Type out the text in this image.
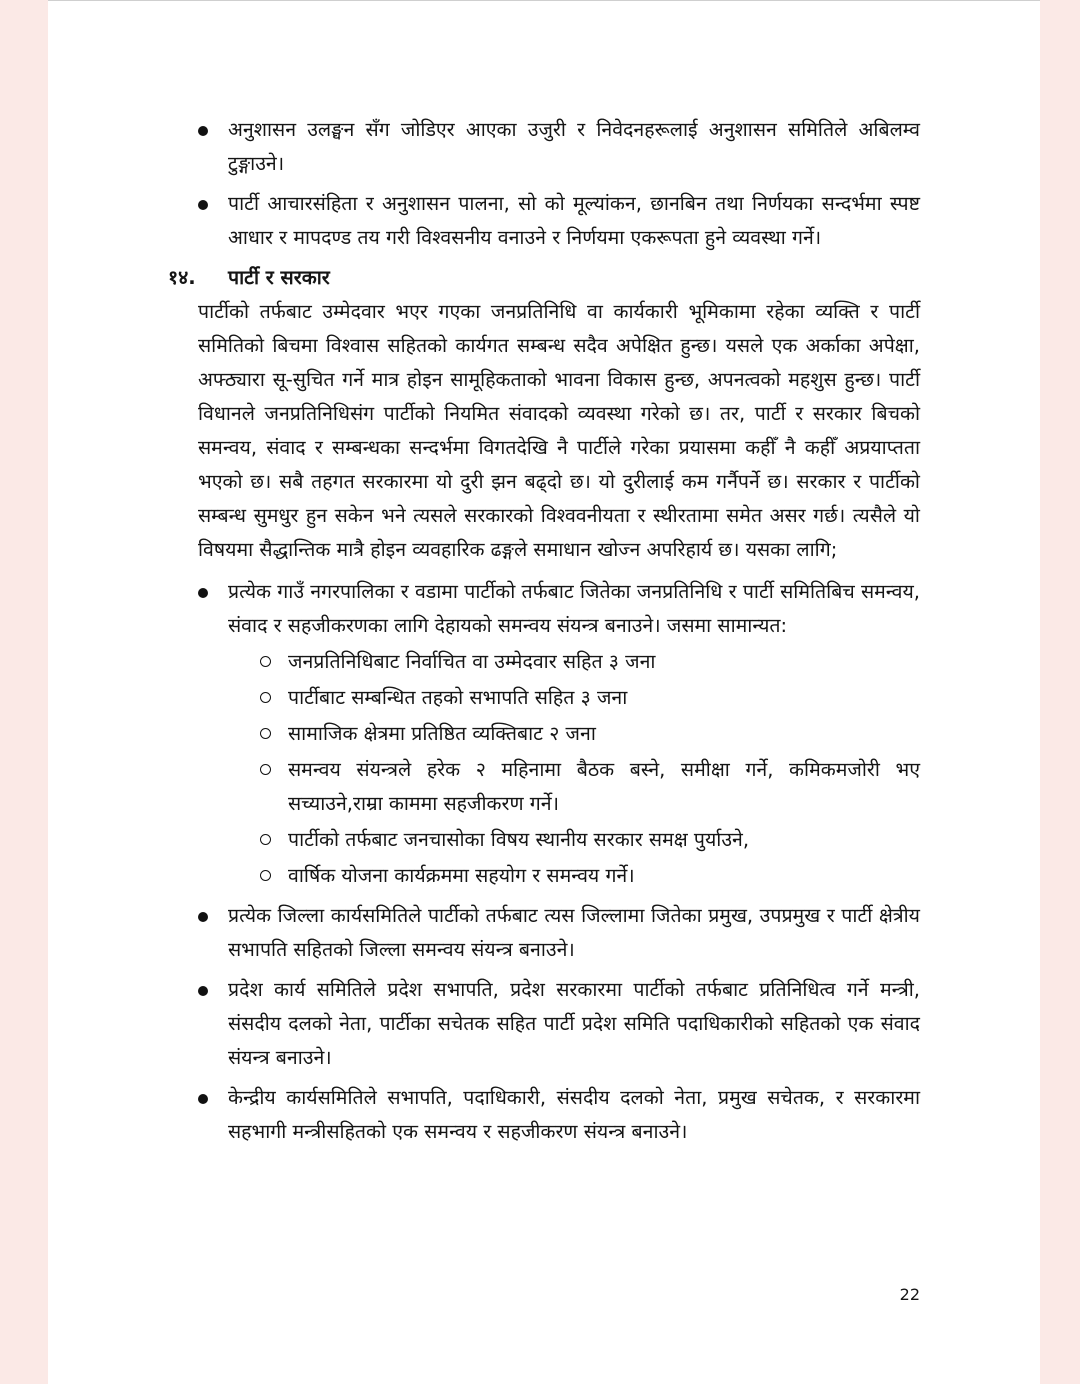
अनुशासन उलङ्घन सँग जोडिएर आएका उजुरी र निवेदनहरूलाई अनुशासन समितिले अबिलम्व टुङ्गाउने।
पार्टी आचारसंहिता र अनुशासन पालना, सो को मूल्यांकन, छानबिन तथा निर्णयका सन्दर्भमा स्पष्ट आधार र मापदण्ड तय गरी विश्वसनीय वनाउने र निर्णयमा एकरूपता हुने व्यवस्था गर्ने।
१४.	पार्टी र सरकार

पार्टीको तर्फबाट उम्मेदवार भएर गएका जनप्रतिनिधि वा कार्यकारी भूमिकामा रहेका व्यक्ति र पार्टी समितिको बिचमा विश्वास सहितको कार्यगत सम्बन्ध सदैव अपेक्षित हुन्छ। यसले एक अर्काका अपेक्षा, अफ्ठ्यारा सू-सुचित गर्ने मात्र होइन सामूहिकताको भावना विकास हुन्छ, अपनत्वको महशुस हुन्छ। पार्टी विधानले जनप्रतिनिधिसंग पार्टीको नियमित संवादको व्यवस्था गरेको छ। तर, पार्टी र सरकार बिचको समन्वय, संवाद र सम्बन्धका सन्दर्भमा विगतदेखि नै पार्टीले गरेका प्रयासमा कहीँ नै कहीँ अप्रयाप्तता भएको छ। सबै तहगत सरकारमा यो दुरी झन बढ्दो छ। यो दुरीलाई कम गर्नैपर्ने छ। सरकार र पार्टीको सम्बन्ध सुमधुर हुन सकेन भने त्यसले सरकारको विश्ववनीयता र स्थीरतामा समेत असर गर्छ। त्यसैले यो विषयमा सैद्धान्तिक मात्रै होइन व्यवहारिक ढङ्गले समाधान खोज्न अपरिहार्य छ। यसका लागि;

प्रत्येक गाउँ नगरपालिका र वडामा पार्टीको तर्फबाट जितेका जनप्रतिनिधि र पार्टी समितिबिच समन्वय, संवाद र सहजीकरणका लागि देहायको समन्वय संयन्त्र बनाउने। जसमा सामान्यत:
जनप्रतिनिधिबाट निर्वाचित वा उम्मेदवार सहित ३ जना
पार्टीबाट सम्बन्धित तहको सभापति सहित ३ जना
सामाजिक क्षेत्रमा प्रतिष्ठित व्यक्तिबाट २ जना
समन्वय संयन्त्रले हरेक २ महिनामा बैठक बस्ने, समीक्षा गर्ने, कमिकमजोरी भए सच्याउने,राम्रा काममा सहजीकरण गर्ने।
पार्टीको तर्फबाट जनचासोका विषय स्थानीय सरकार समक्ष पुर्याउने,
वार्षिक योजना कार्यक्रममा सहयोग र समन्वय गर्ने।
प्रत्येक जिल्ला कार्यसमितिले पार्टीको तर्फबाट त्यस जिल्लामा जितेका प्रमुख, उपप्रमुख र पार्टी क्षेत्रीय सभापति सहितको जिल्ला समन्वय संयन्त्र बनाउने।
प्रदेश कार्य समितिले प्रदेश सभापति, प्रदेश सरकारमा पार्टीको तर्फबाट प्रतिनिधित्व गर्ने मन्त्री, संसदीय दलको नेता, पार्टीका सचेतक सहित पार्टी प्रदेश समिति पदाधिकारीको सहितको एक संवाद संयन्त्र बनाउने।
केन्द्रीय कार्यसमितिले सभापति, पदाधिकारी, संसदीय दलको नेता, प्रमुख सचेतक, र सरकारमा सहभागी मन्त्रीसहितको एक समन्वय र सहजीकरण संयन्त्र बनाउने।
22
